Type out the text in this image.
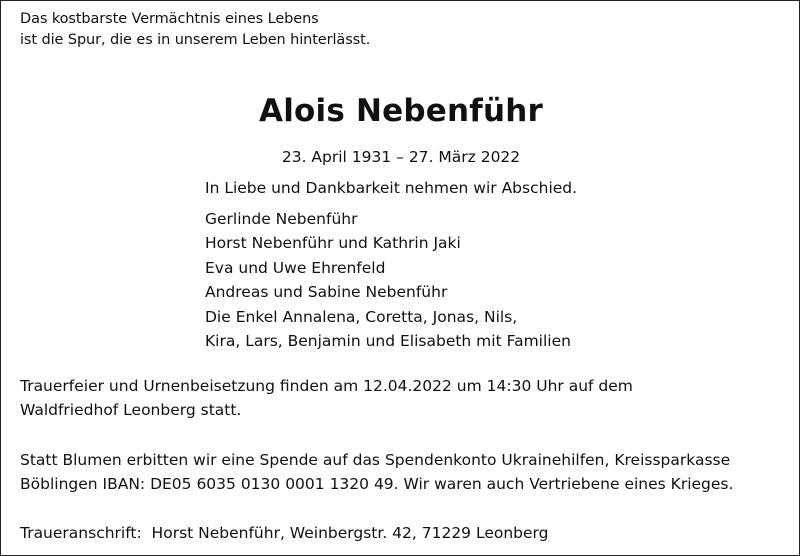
Das kostbarste Vermächtnis eines Lebens
ist die Spur, die es in unserem Leben hinterlässt.
Alois Nebenführ
23. April 1931 – 27. März 2022
In Liebe und Dankbarkeit nehmen wir Abschied.
Gerlinde Nebenführ
Horst Nebenführ und Kathrin Jaki
Eva und Uwe Ehrenfeld
Andreas und Sabine Nebenführ
Die Enkel Annalena, Coretta, Jonas, Nils,
Kira, Lars, Benjamin und Elisabeth mit Familien
Trauerfeier und Urnenbeisetzung finden am 12.04.2022 um 14:30 Uhr auf dem
Waldfriedhof Leonberg statt.
Statt Blumen erbitten wir eine Spende auf das Spendenkonto Ukrainehilfen, Kreissparkasse
Böblingen IBAN: DE05 6035 0130 0001 1320 49. Wir waren auch Vertriebene eines Krieges.
Traueranschrift:  Horst Nebenführ, Weinbergstr. 42, 71229 Leonberg
